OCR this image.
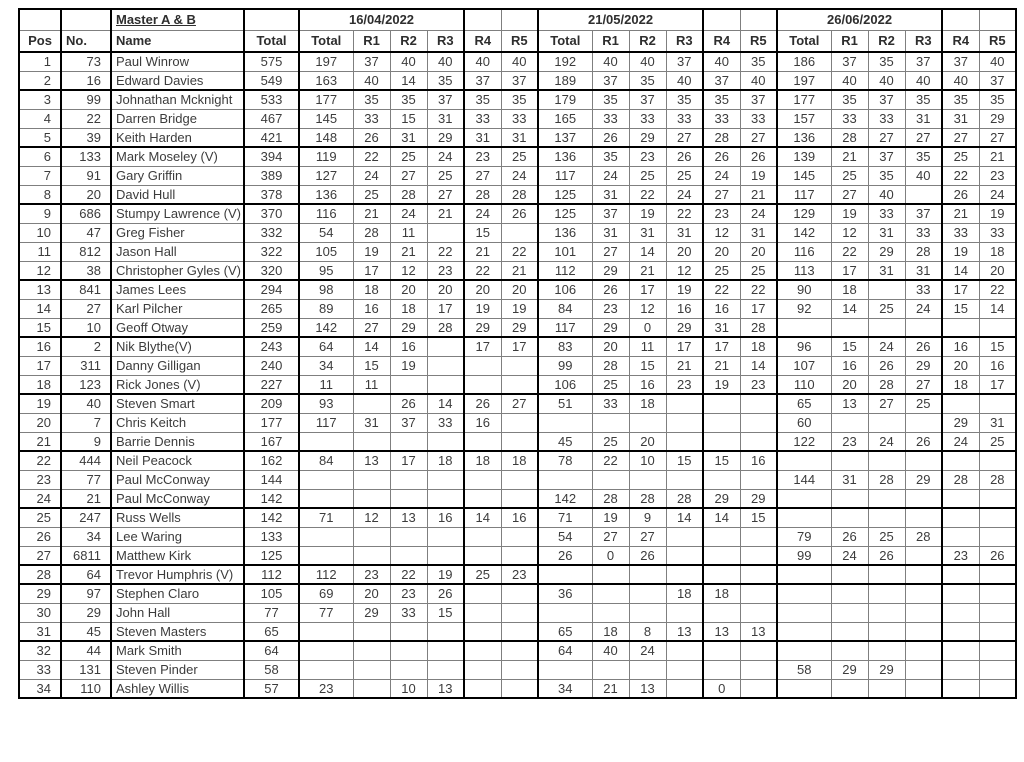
		Master A & B		16/04/2022						21/05/2022						26/06/2022					
Pos	No.	Name	Total	Total	R1	R2	R3	R4	R5	Total	R1	R2	R3	R4	R5	Total	R1	R2	R3	R4	R5
1	73	Paul Winrow	575	197	37	40	40	40	40	192	40	40	37	40	35	186	37	35	37	37	40
2	16	Edward Davies	549	163	40	14	35	37	37	189	37	35	40	37	40	197	40	40	40	40	37
3	99	Johnathan Mcknight	533	177	35	35	37	35	35	179	35	37	35	35	37	177	35	37	35	35	35
4	22	Darren Bridge	467	145	33	15	31	33	33	165	33	33	33	33	33	157	33	33	31	31	29
5	39	Keith Harden	421	148	26	31	29	31	31	137	26	29	27	28	27	136	28	27	27	27	27
6	133	Mark Moseley (V)	394	119	22	25	24	23	25	136	35	23	26	26	26	139	21	37	35	25	21
7	91	Gary Griffin	389	127	24	27	25	27	24	117	24	25	25	24	19	145	25	35	40	22	23
8	20	David Hull	378	136	25	28	27	28	28	125	31	22	24	27	21	117	27	40		26	24
9	686	Stumpy Lawrence (V)	370	116	21	24	21	24	26	125	37	19	22	23	24	129	19	33	37	21	19
10	47	Greg Fisher	332	54	28	11		15		136	31	31	31	12	31	142	12	31	33	33	33
11	812	Jason Hall	322	105	19	21	22	21	22	101	27	14	20	20	20	116	22	29	28	19	18
12	38	Christopher Gyles (V)	320	95	17	12	23	22	21	112	29	21	12	25	25	113	17	31	31	14	20
13	841	James Lees	294	98	18	20	20	20	20	106	26	17	19	22	22	90	18		33	17	22
14	27	Karl Pilcher	265	89	16	18	17	19	19	84	23	12	16	16	17	92	14	25	24	15	14
15	10	Geoff Otway	259	142	27	29	28	29	29	117	29	0	29	31	28						
16	2	Nik Blythe(V)	243	64	14	16		17	17	83	20	11	17	17	18	96	15	24	26	16	15
17	311	Danny Gilligan	240	34	15	19				99	28	15	21	21	14	107	16	26	29	20	16
18	123	Rick Jones (V)	227	11	11					106	25	16	23	19	23	110	20	28	27	18	17
19	40	Steven Smart	209	93		26	14	26	27	51	33	18				65	13	27	25		
20	7	Chris Keitch	177	117	31	37	33	16								60				29	31
21	9	Barrie Dennis	167							45	25	20				122	23	24	26	24	25
22	444	Neil Peacock	162	84	13	17	18	18	18	78	22	10	15	15	16						
23	77	Paul McConway	144													144	31	28	29	28	28
24	21	Paul McConway	142							142	28	28	28	29	29						
25	247	Russ Wells	142	71	12	13	16	14	16	71	19	9	14	14	15						
26	34	Lee Waring	133							54	27	27				79	26	25	28		
27	6811	Matthew Kirk	125							26	0	26				99	24	26		23	26
28	64	Trevor Humphris (V)	112	112	23	22	19	25	23												
29	97	Stephen Claro	105	69	20	23	26			36			18	18							
30	29	John Hall	77	77	29	33	15														
31	45	Steven Masters	65							65	18	8	13	13	13						
32	44	Mark Smith	64							64	40	24									
33	131	Steven Pinder	58													58	29	29			
34	110	Ashley Willis	57	23		10	13			34	21	13		0							
